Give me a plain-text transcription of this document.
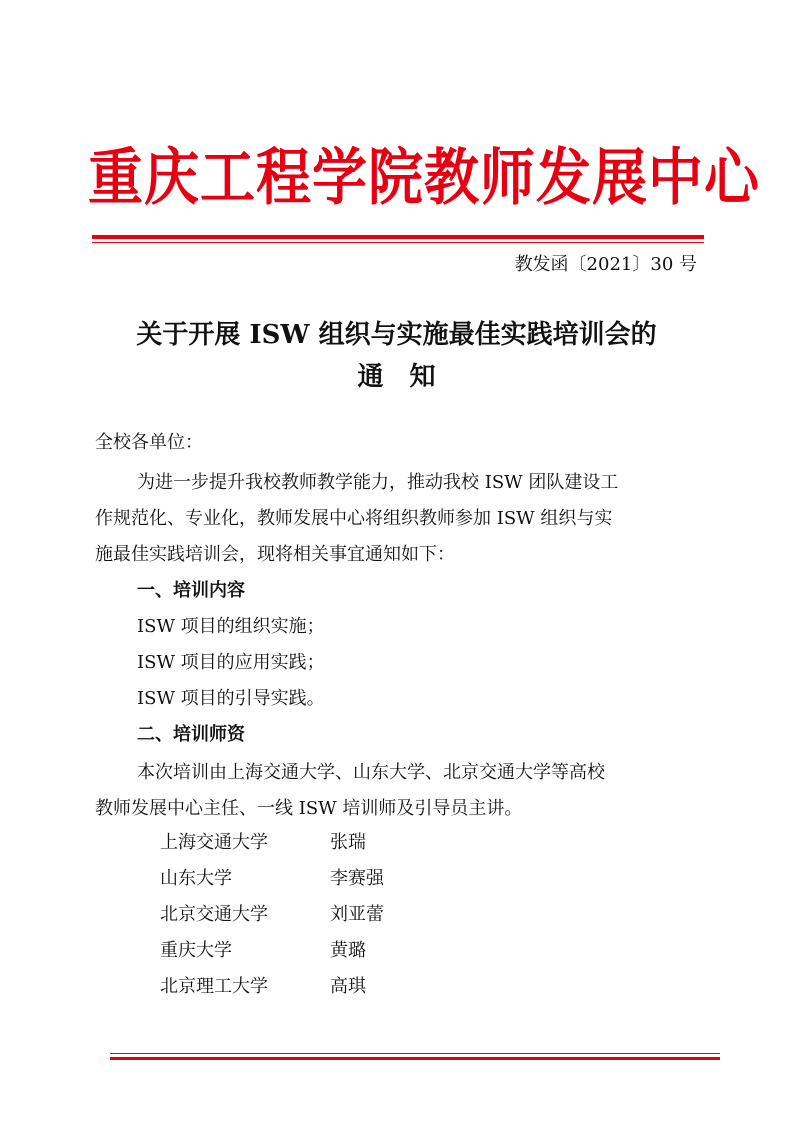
重庆工程学院教师发展中心
教发函〔2021〕30 号
关于开展 ISW 组织与实施最佳实践培训会的
通　知
全校各单位：
为进一步提升我校教师教学能力，推动我校 ISW 团队建设工
作规范化、专业化，教师发展中心将组织教师参加 ISW 组织与实
施最佳实践培训会，现将相关事宜通知如下：
一、培训内容
ISW 项目的组织实施；
ISW 项目的应用实践；
ISW 项目的引导实践。
二、培训师资
本次培训由上海交通大学、山东大学、北京交通大学等高校
教师发展中心主任、一线 ISW 培训师及引导员主讲。
上海交通大学	张瑞
山东大学	李赛强
北京交通大学	刘亚蕾
重庆大学	黄璐
北京理工大学	高琪
